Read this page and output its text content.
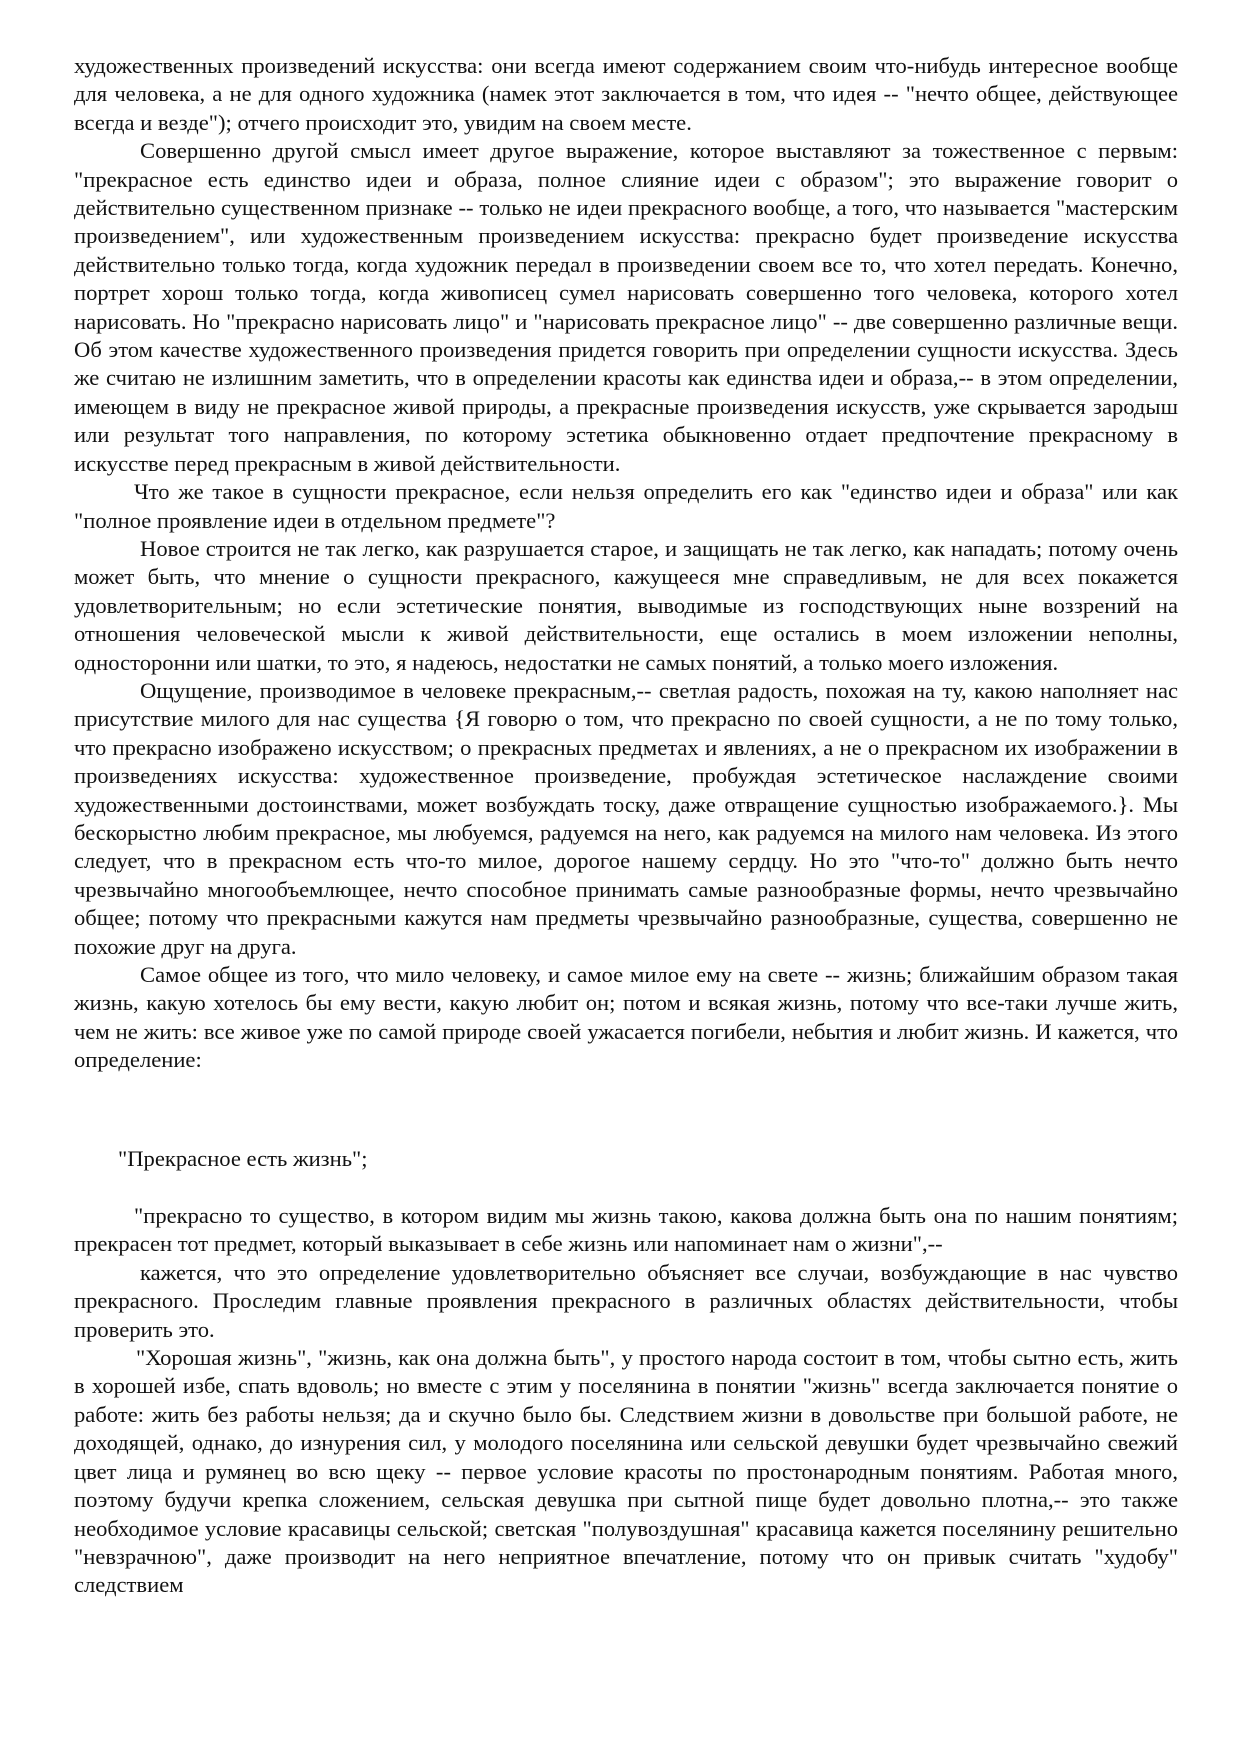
художественных произведений искусства: они всегда имеют содержанием своим что-нибудь интересное вообще для человека, а не для одного художника (намек этот заключается в том, что идея -- "нечто общее, действующее всегда и везде"); отчего происходит это, увидим на своем месте.

Совершенно другой смысл имеет другое выражение, которое выставляют за тожественное с первым: "прекрасное есть единство идеи и образа, полное слияние идеи с образом"; это выражение говорит о действительно существенном признаке -- только не идеи прекрасного вообще, а того, что называется "мастерским произведением", или художественным произведением искусства: прекрасно будет произведение искусства действительно только тогда, когда художник передал в произведении своем все то, что хотел передать. Конечно, портрет хорош только тогда, когда живописец сумел нарисовать совершенно того человека, которого хотел нарисовать. Но "прекрасно нарисовать лицо" и "нарисовать прекрасное лицо" -- две совершенно различные вещи. Об этом качестве художественного произведения придется говорить при определении сущности искусства. Здесь же считаю не излишним заметить, что в определении красоты как единства идеи и образа,-- в этом определении, имеющем в виду не прекрасное живой природы, а прекрасные произведения искусств, уже скрывается зародыш или результат того направления, по которому эстетика обыкновенно отдает предпочтение прекрасному в искусстве перед прекрасным в живой действительности.

Что же такое в сущности прекрасное, если нельзя определить его как "единство идеи и образа" или как "полное проявление идеи в отдельном предмете"?

Новое строится не так легко, как разрушается старое, и защищать не так легко, как нападать; потому очень может быть, что мнение о сущности прекрасного, кажущееся мне справедливым, не для всех покажется удовлетворительным; но если эстетические понятия, выводимые из господствующих ныне воззрений на отношения человеческой мысли к живой действительности, еще остались в моем изложении неполны, односторонни или шатки, то это, я надеюсь, недостатки не самых понятий, а только моего изложения.

Ощущение, производимое в человеке прекрасным,-- светлая радость, похожая на ту, какою наполняет нас присутствие милого для нас существа {Я говорю о том, что прекрасно по своей сущности, а не по тому только, что прекрасно изображено искусством; о прекрасных предметах и явлениях, а не о прекрасном их изображении в произведениях искусства: художественное произведение, пробуждая эстетическое наслаждение своими художественными достоинствами, может возбуждать тоску, даже отвращение сущностью изображаемого.}. Мы бескорыстно любим прекрасное, мы любуемся, радуемся на него, как радуемся на милого нам человека. Из этого следует, что в прекрасном есть что-то милое, дорогое нашему сердцу. Но это "что-то" должно быть нечто чрезвычайно многообъемлющее, нечто способное принимать самые разнообразные формы, нечто чрезвычайно общее; потому что прекрасными кажутся нам предметы чрезвычайно разнообразные, существа, совершенно не похожие друг на друга.

Самое общее из того, что мило человеку, и самое милое ему на свете -- жизнь; ближайшим образом такая жизнь, какую хотелось бы ему вести, какую любит он; потом и всякая жизнь, потому что все-таки лучше жить, чем не жить: все живое уже по самой природе своей ужасается погибели, небытия и любит жизнь. И кажется, что определение:

"Прекрасное есть жизнь";

"прекрасно то существо, в котором видим мы жизнь такою, какова должна быть она по нашим понятиям; прекрасен тот предмет, который выказывает в себе жизнь или напоминает нам о жизни",--

кажется, что это определение удовлетворительно объясняет все случаи, возбуждающие в нас чувство прекрасного. Проследим главные проявления прекрасного в различных областях действительности, чтобы проверить это.

"Хорошая жизнь", "жизнь, как она должна быть", у простого народа состоит в том, чтобы сытно есть, жить в хорошей избе, спать вдоволь; но вместе с этим у поселянина в понятии "жизнь" всегда заключается понятие о работе: жить без работы нельзя; да и скучно было бы. Следствием жизни в довольстве при большой работе, не доходящей, однако, до изнурения сил, у молодого поселянина или сельской девушки будет чрезвычайно свежий цвет лица и румянец во всю щеку -- первое условие красоты по простонародным понятиям. Работая много, поэтому будучи крепка сложением, сельская девушка при сытной пище будет довольно плотна,-- это также необходимое условие красавицы сельской; светская "полувоздушная" красавица кажется поселянину решительно "невзрачною", даже производит на него неприятное впечатление, потому что он привык считать "худобу" следствием
